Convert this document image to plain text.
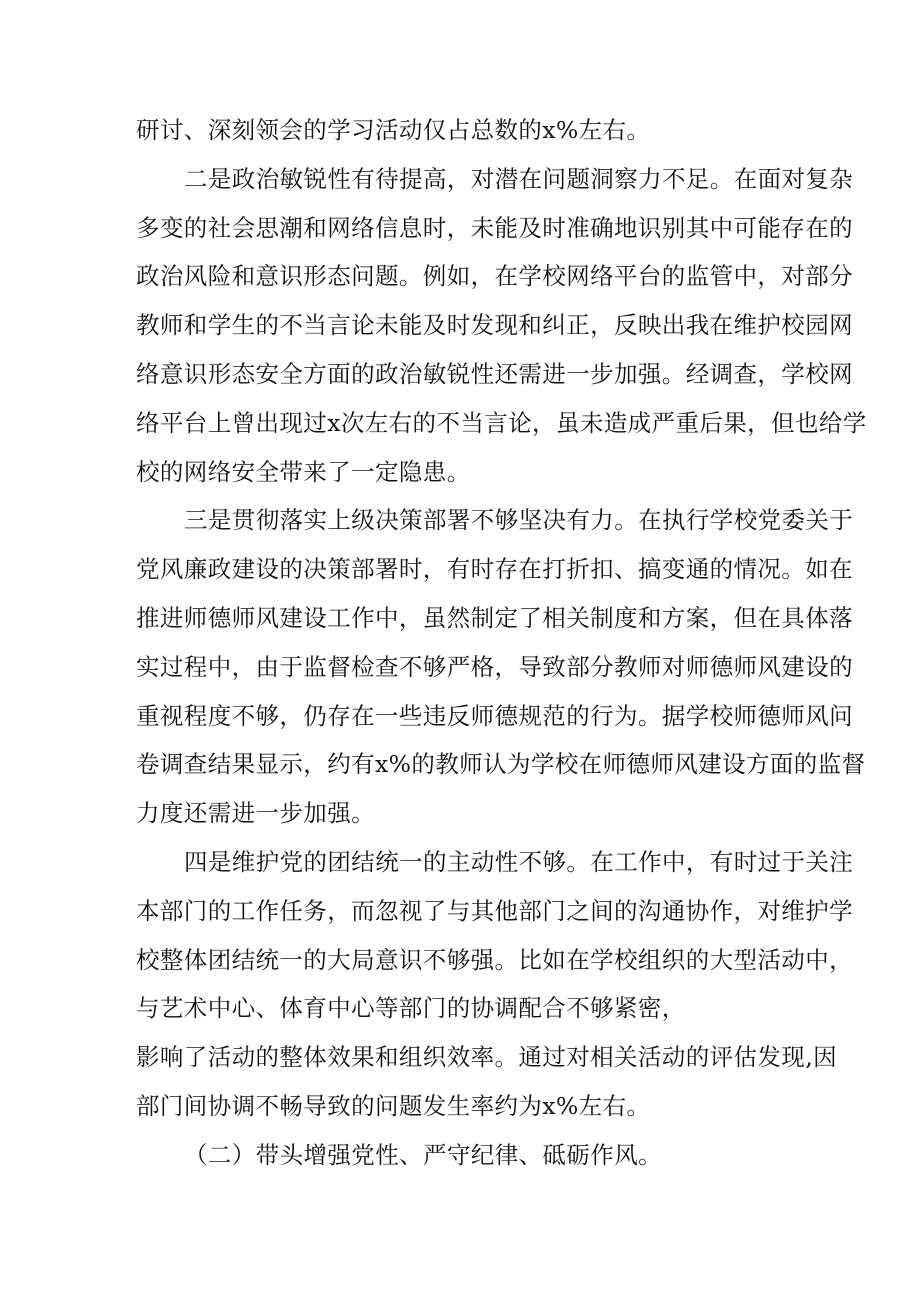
研讨、深刻领会的学习活动仅占总数的x%左右。
二是政治敏锐性有待提高，对潜在问题洞察力不足。在面对复杂
多变的社会思潮和网络信息时，未能及时准确地识别其中可能存在的
政治风险和意识形态问题。例如，在学校网络平台的监管中，对部分
教师和学生的不当言论未能及时发现和纠正，反映出我在维护校园网
络意识形态安全方面的政治敏锐性还需进一步加强。经调查，学校网
络平台上曾出现过x次左右的不当言论，虽未造成严重后果，但也给学
校的网络安全带来了一定隐患。
三是贯彻落实上级决策部署不够坚决有力。在执行学校党委关于
党风廉政建设的决策部署时，有时存在打折扣、搞变通的情况。如在
推进师德师风建设工作中，虽然制定了相关制度和方案，但在具体落
实过程中，由于监督检查不够严格，导致部分教师对师德师风建设的
重视程度不够，仍存在一些违反师德规范的行为。据学校师德师风问
卷调查结果显示，约有x%的教师认为学校在师德师风建设方面的监督
力度还需进一步加强。
四是维护党的团结统一的主动性不够。在工作中，有时过于关注
本部门的工作任务，而忽视了与其他部门之间的沟通协作，对维护学
校整体团结统一的大局意识不够强。比如在学校组织的大型活动中，
与艺术中心、体育中心等部门的协调配合不够紧密，
影响了活动的整体效果和组织效率。通过对相关活动的评估发现,因
部门间协调不畅导致的问题发生率约为x%左右。
（二）带头增强党性、严守纪律、砥砺作风。
